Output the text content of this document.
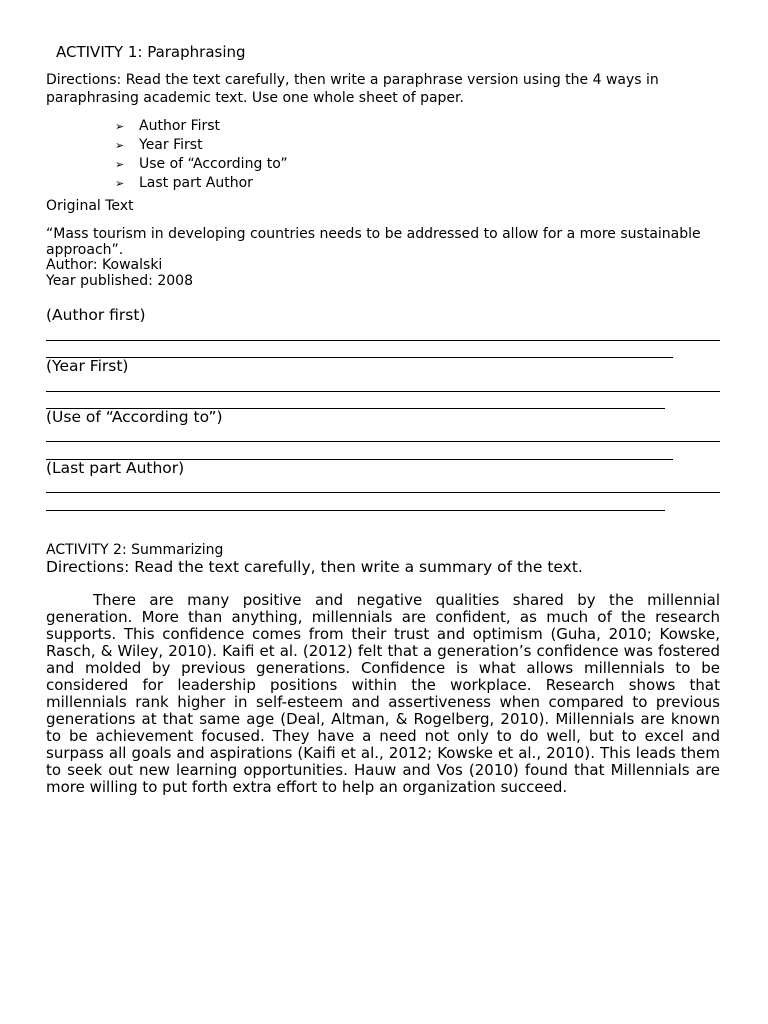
ACTIVITY 1: Paraphrasing
Directions: Read the text carefully, then write a paraphrase version using the 4 ways in paraphrasing academic text. Use one whole sheet of paper.
➢ Author First
➢ Year First
➢ Use of “According to”
➢ Last part Author
Original Text
“Mass tourism in developing countries needs to be addressed to allow for a more sustainable approach”.
Author: Kowalski
Year published: 2008
(Author first)
(Year First)
(Use of “According to”)
(Last part Author)
ACTIVITY 2: Summarizing
Directions: Read the text carefully, then write a summary of the text.
There are many positive and negative qualities shared by the millennial generation. More than anything, millennials are confident, as much of the research supports. This confidence comes from their trust and optimism (Guha, 2010; Kowske, Rasch, & Wiley, 2010). Kaifi et al. (2012) felt that a generation’s confidence was fostered and molded by previous generations. Confidence is what allows millennials to be considered for leadership positions within the workplace. Research shows that millennials rank higher in self-esteem and assertiveness when compared to previous generations at that same age (Deal, Altman, & Rogelberg, 2010). Millennials are known to be achievement focused. They have a need not only to do well, but to excel and surpass all goals and aspirations (Kaifi et al., 2012; Kowske et al., 2010). This leads them to seek out new learning opportunities. Hauw and Vos (2010) found that Millennials are more willing to put forth extra effort to help an organization succeed.
